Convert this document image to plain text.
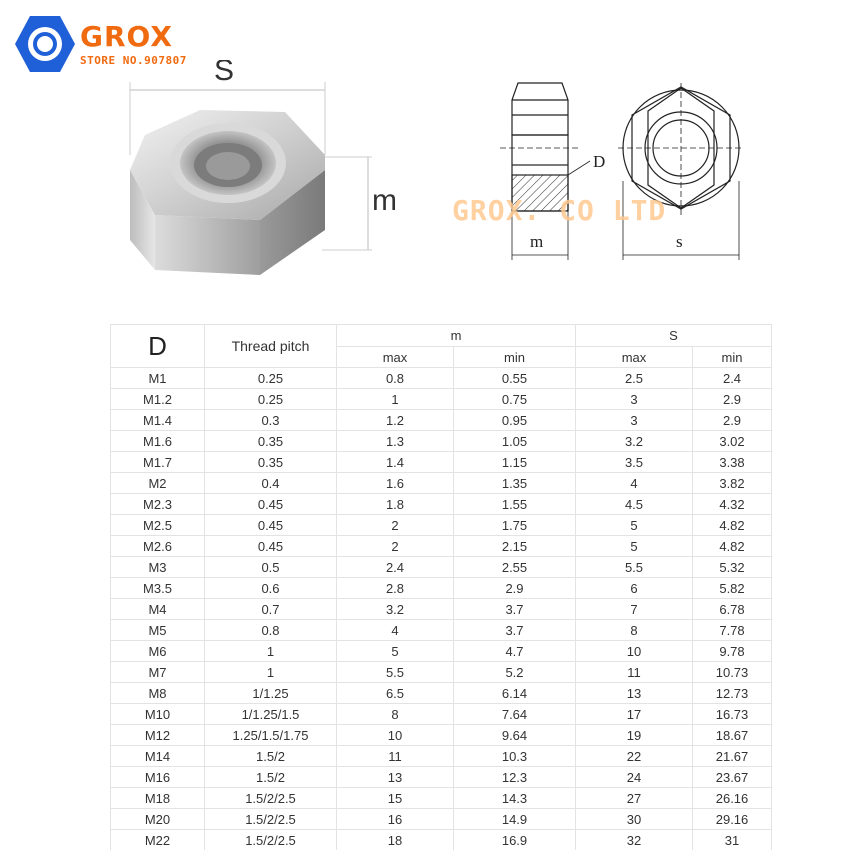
GROX
STORE NO.907807 S
m
D
m	s
GROX. CO LTD
D	Thread pitch	m		S	
		max	min	max	min
M1	0.25	0.8	0.55	2.5	2.4
M1.2	0.25	1	0.75	3	2.9
M1.4	0.3	1.2	0.95	3	2.9
M1.6	0.35	1.3	1.05	3.2	3.02
M1.7	0.35	1.4	1.15	3.5	3.38
M2	0.4	1.6	1.35	4	3.82
M2.3	0.45	1.8	1.55	4.5	4.32
M2.5	0.45	2	1.75	5	4.82
M2.6	0.45	2	2.15	5	4.82
M3	0.5	2.4	2.55	5.5	5.32
M3.5	0.6	2.8	2.9	6	5.82
M4	0.7	3.2	3.7	7	6.78
M5	0.8	4	3.7	8	7.78
M6	1	5	4.7	10	9.78
M7	1	5.5	5.2	11	10.73
M8	1/1.25	6.5	6.14	13	12.73
M10	1/1.25/1.5	8	7.64	17	16.73
M12	1.25/1.5/1.75	10	9.64	19	18.67
M14	1.5/2	11	10.3	22	21.67
M16	1.5/2	13	12.3	24	23.67
M18	1.5/2/2.5	15	14.3	27	26.16
M20	1.5/2/2.5	16	14.9	30	29.16
M22	1.5/2/2.5	18	16.9	32	31
